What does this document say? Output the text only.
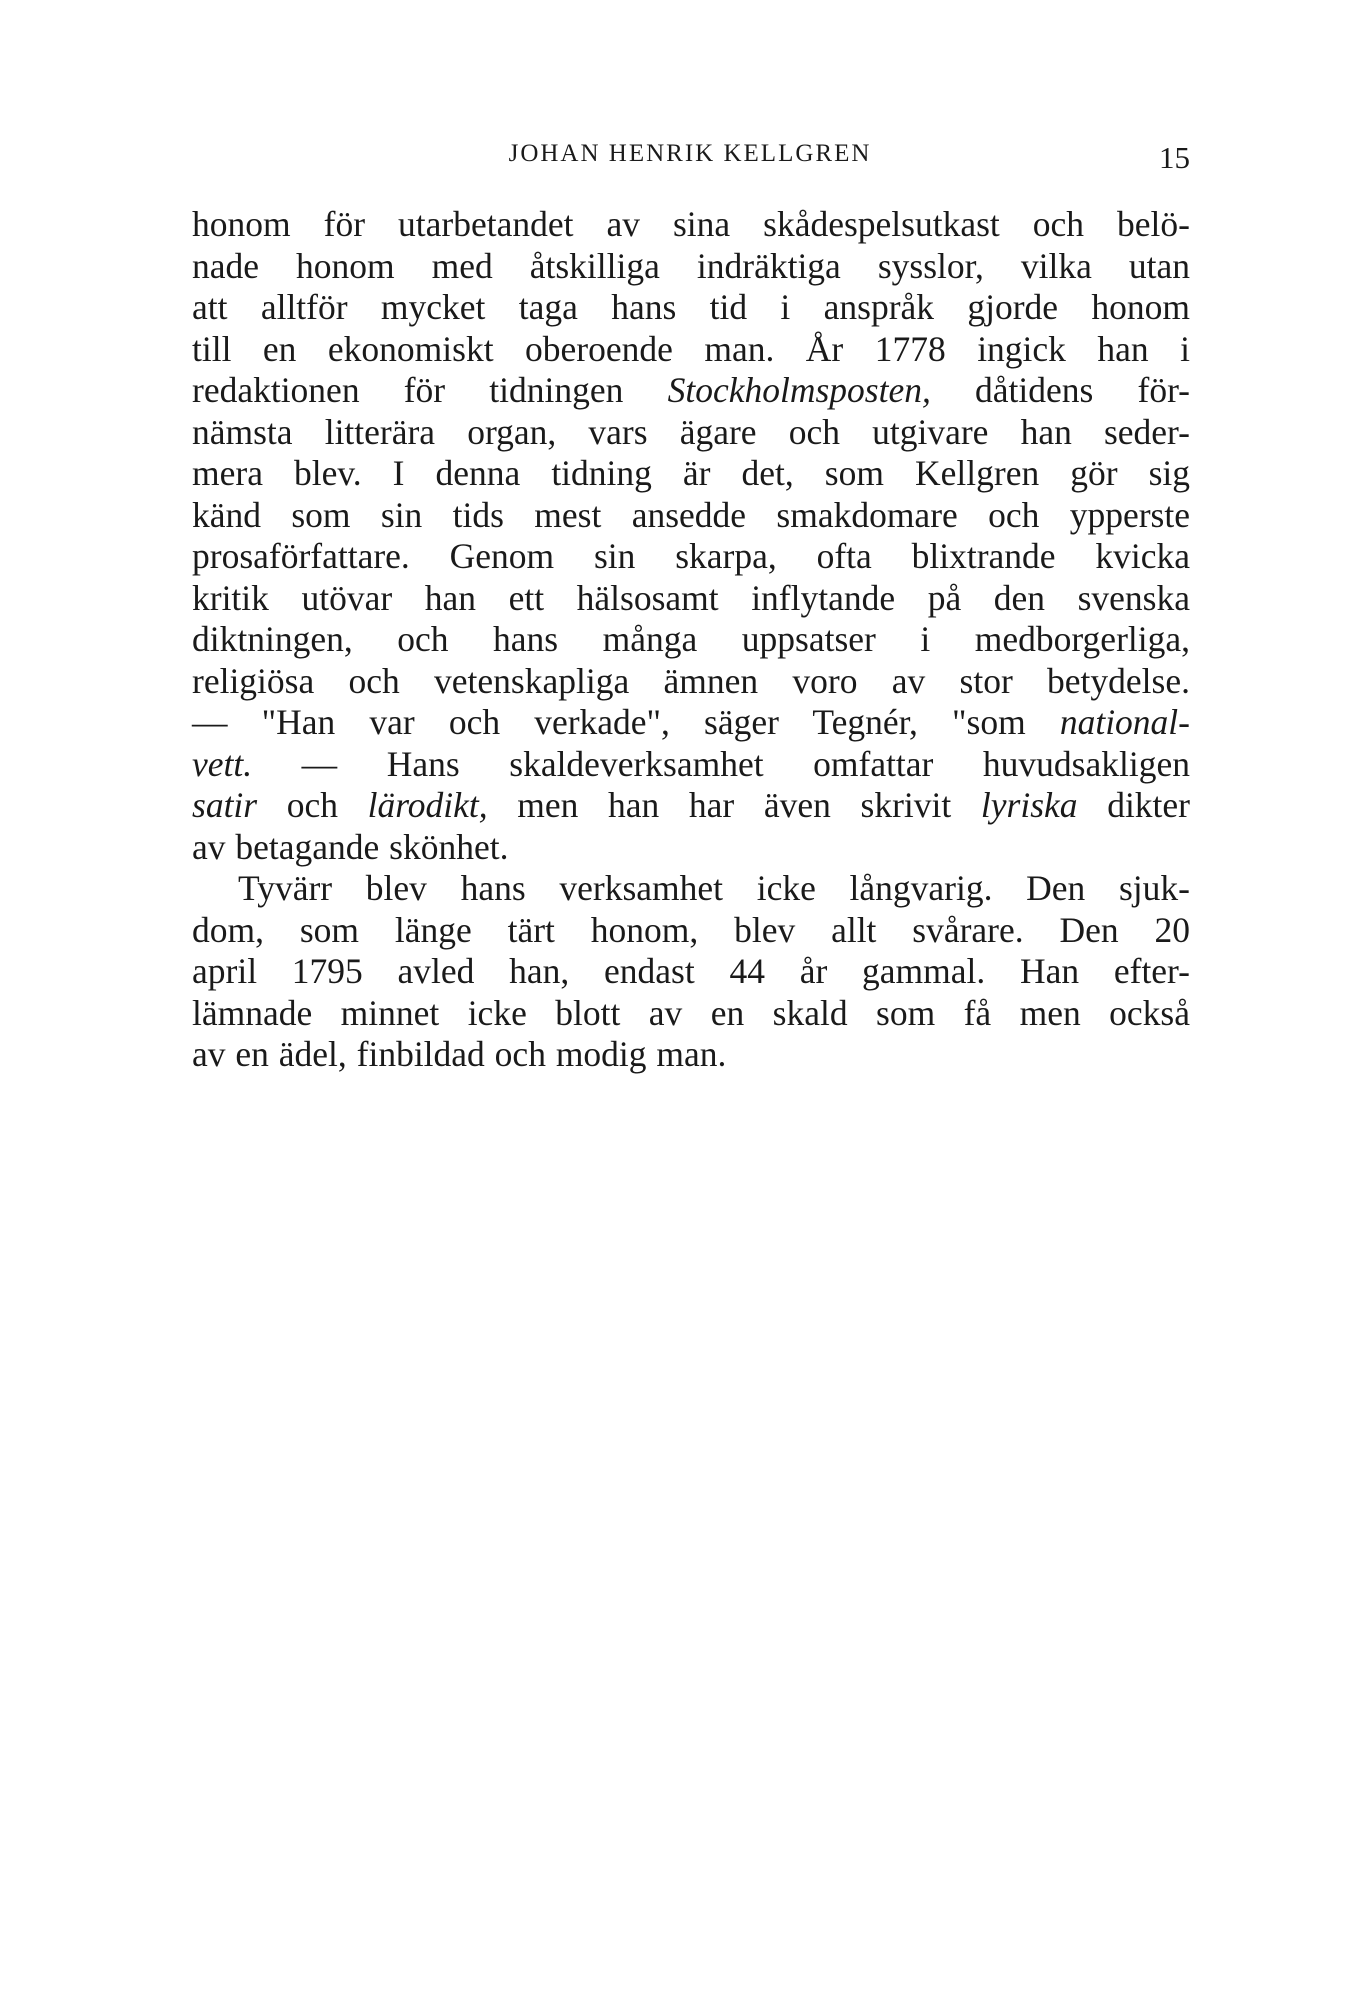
JOHAN HENRIK KELLGREN	15
honom för utarbetandet av sina skådespelsutkast och belö-
nade honom med åtskilliga indräktiga sysslor, vilka utan
att alltför mycket taga hans tid i anspråk gjorde honom
till en ekonomiskt oberoende man. År 1778 ingick han i
redaktionen för tidningen Stockholmsposten, dåtidens för-
nämsta litterära organ, vars ägare och utgivare han seder-
mera blev. I denna tidning är det, som Kellgren gör sig
känd som sin tids mest ansedde smakdomare och ypperste
prosaförfattare. Genom sin skarpa, ofta blixtrande kvicka
kritik utövar han ett hälsosamt inflytande på den svenska
diktningen, och hans många uppsatser i medborgerliga,
religiösa och vetenskapliga ämnen voro av stor betydelse.
— "Han var och verkade", säger Tegnér, "som national-
vett. — Hans skaldeverksamhet omfattar huvudsakligen
satir och lärodikt, men han har även skrivit lyriska dikter
av betagande skönhet.
Tyvärr blev hans verksamhet icke långvarig. Den sjuk-
dom, som länge tärt honom, blev allt svårare. Den 20
april 1795 avled han, endast 44 år gammal. Han efter-
lämnade minnet icke blott av en skald som få men också
av en ädel, finbildad och modig man.
